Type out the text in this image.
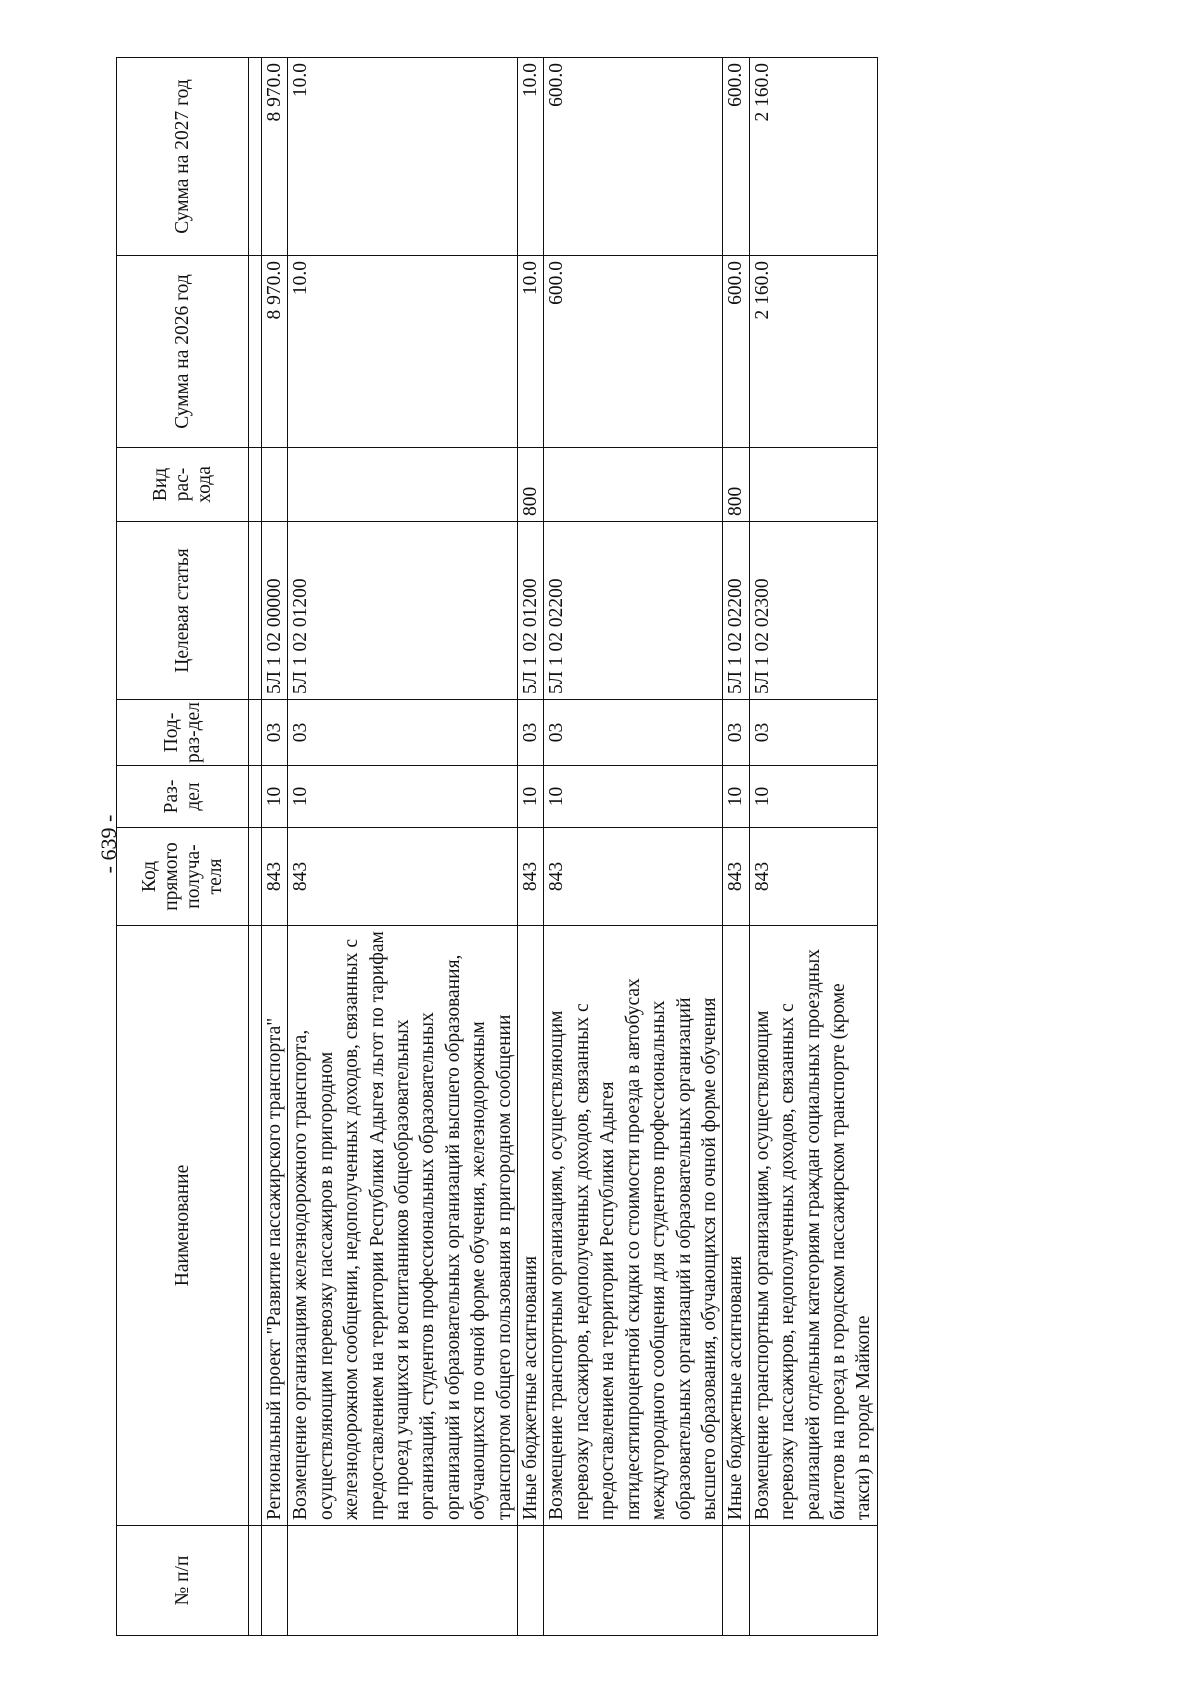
- 639 -
№ п/п	Наименование	Код прямого получа-теля	Раз-дел	Под-раз-дел	Целевая статья	Вид рас-хода	Сумма на 2026 год	Сумма на 2027 год

	Региональный проект "Развитие пассажирского транспорта"	843	10	03	5Л 1 02 00000		8 970.0	8 970.0
	Возмещение организациям железнодорожного транспорта, осуществляющим перевозку пассажиров в пригородном железнодорожном сообщении, недополученных доходов, связанных с предоставлением на территории Республики Адыгея льгот по тарифам на проезд учащихся и воспитанников общеобразовательных организаций, студентов профессиональных образовательных организаций и образовательных организаций высшего образования, обучающихся по очной форме обучения, железнодорожным транспортом общего пользования в пригородном сообщении	843	10	03	5Л 1 02 01200		10.0	10.0
	Иные бюджетные ассигнования	843	10	03	5Л 1 02 01200	800	10.0	10.0
	Возмещение транспортным организациям, осуществляющим перевозку пассажиров, недополученных доходов, связанных с предоставлением на территории Республики Адыгея пятидесятипроцентной скидки со стоимости проезда в автобусах междугородного сообщения для студентов профессиональных образовательных организаций и образовательных организаций высшего образования, обучающихся по очной форме обучения	843	10	03	5Л 1 02 02200		600.0	600.0
	Иные бюджетные ассигнования	843	10	03	5Л 1 02 02200	800	600.0	600.0
	Возмещение транспортным организациям, осуществляющим перевозку пассажиров, недополученных доходов, связанных с реализацией отдельным категориям граждан социальных проездных билетов на проезд в городском пассажирском транспорте (кроме такси) в городе Майкопе	843	10	03	5Л 1 02 02300		2 160.0	2 160.0
